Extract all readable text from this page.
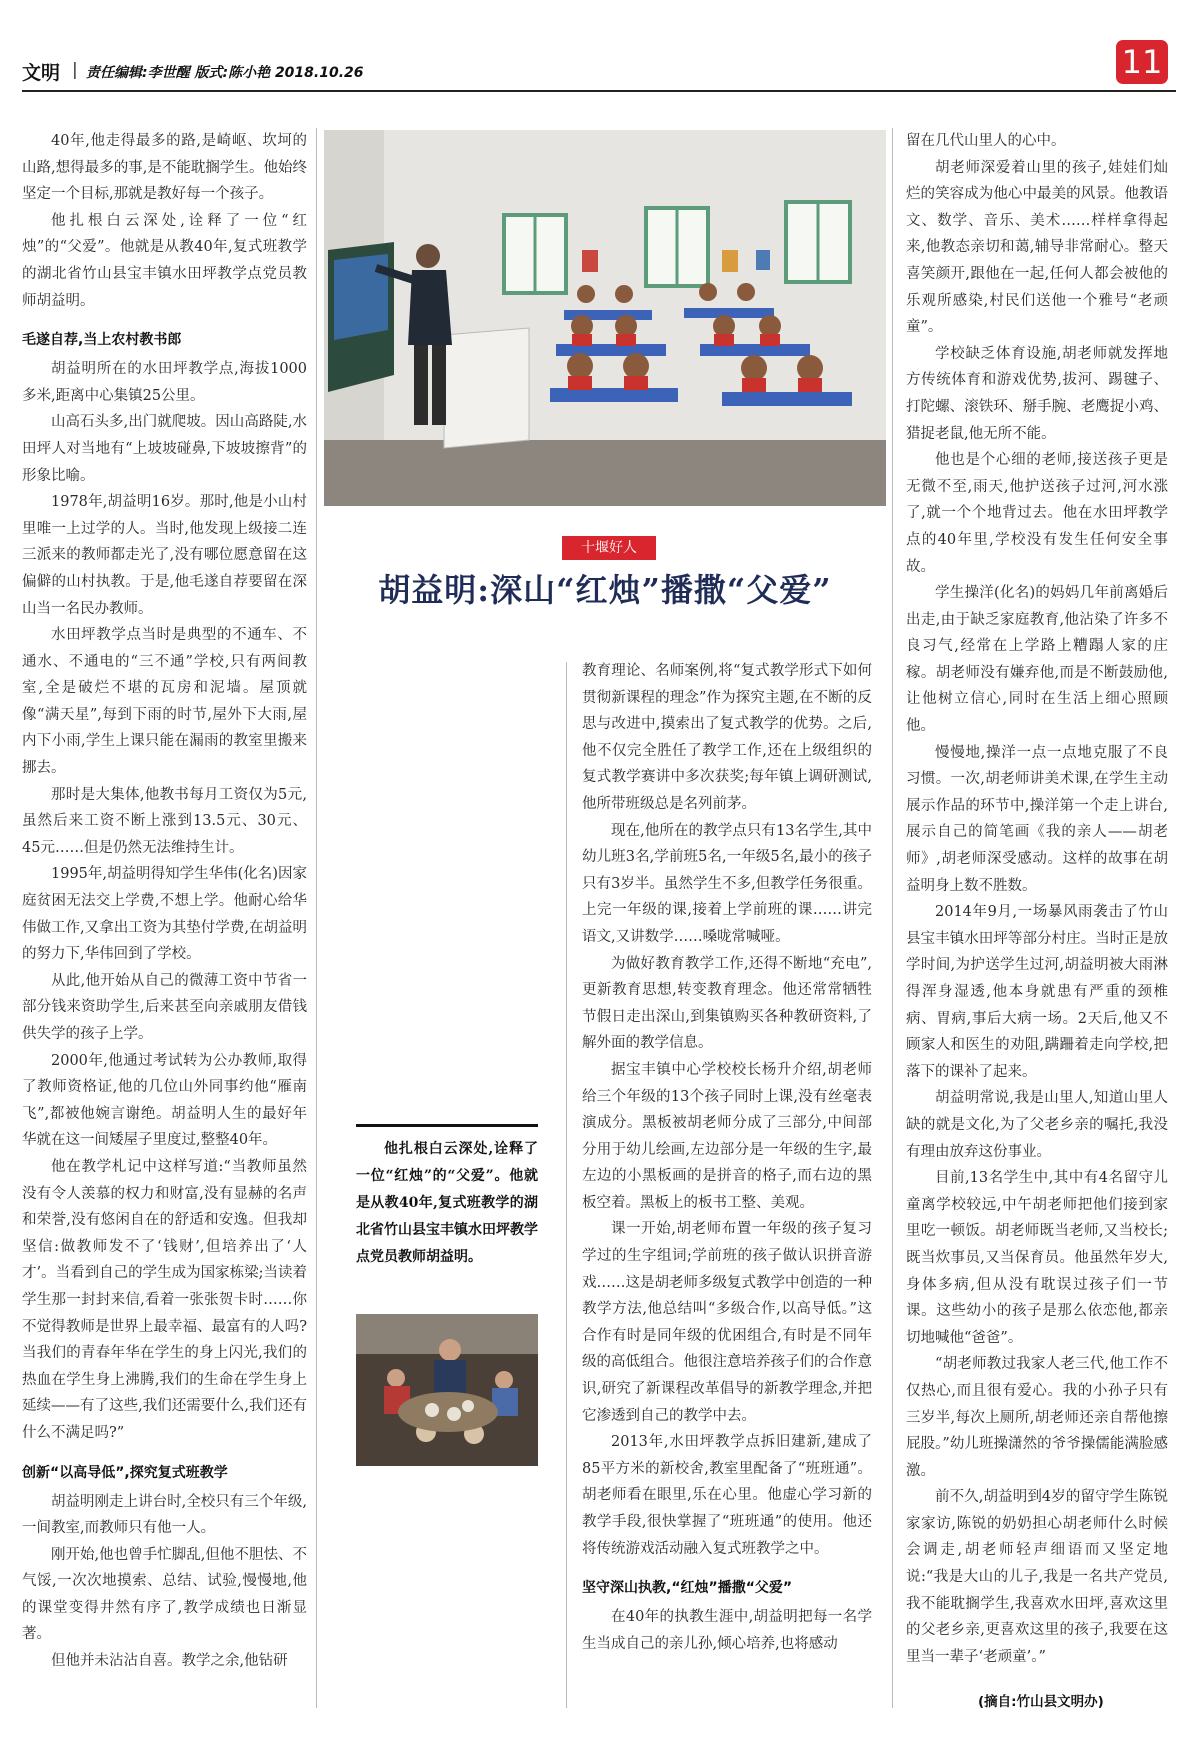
文明 | 责任编辑:李世醒 版式:陈小艳 2018.10.26	11

40年,他走得最多的路,是崎岖、坎坷的山路,想得最多的事,是不能耽搁学生。他始终坚定一个目标,那就是教好每一个孩子。

他扎根白云深处,诠释了一位“红烛”的“父爱”。他就是从教40年,复式班教学的湖北省竹山县宝丰镇水田坪教学点党员教师胡益明。

毛遂自荐,当上农村教书郎

胡益明所在的水田坪教学点,海拔1000多米,距离中心集镇25公里。

山高石头多,出门就爬坡。因山高路陡,水田坪人对当地有“上坡坡碰鼻,下坡坡擦背”的形象比喻。

1978年,胡益明16岁。那时,他是小山村里唯一上过学的人。当时,他发现上级接二连三派来的教师都走光了,没有哪位愿意留在这偏僻的山村执教。于是,他毛遂自荐要留在深山当一名民办教师。

水田坪教学点当时是典型的不通车、不通水、不通电的“三不通”学校,只有两间教室,全是破烂不堪的瓦房和泥墙。屋顶就像“满天星”,每到下雨的时节,屋外下大雨,屋内下小雨,学生上课只能在漏雨的教室里搬来挪去。

那时是大集体,他教书每月工资仅为5元,虽然后来工资不断上涨到13.5元、30元、45元……但是仍然无法维持生计。

1995年,胡益明得知学生华伟(化名)因家庭贫困无法交上学费,不想上学。他耐心给华伟做工作,又拿出工资为其垫付学费,在胡益明的努力下,华伟回到了学校。

从此,他开始从自己的微薄工资中节省一部分钱来资助学生,后来甚至向亲戚朋友借钱供失学的孩子上学。

2000年,他通过考试转为公办教师,取得了教师资格证,他的几位山外同事约他“雁南飞”,都被他婉言谢绝。胡益明人生的最好年华就在这一间矮屋子里度过,整整40年。

他在教学札记中这样写道:“当教师虽然没有令人羡慕的权力和财富,没有显赫的名声和荣誉,没有悠闲自在的舒适和安逸。但我却坚信:做教师发不了‘钱财’,但培养出了‘人才’。当看到自己的学生成为国家栋梁;当读着学生那一封封来信,看着一张张贺卡时……你不觉得教师是世界上最幸福、最富有的人吗?当我们的青春年华在学生的身上闪光,我们的热血在学生身上沸腾,我们的生命在学生身上延续——有了这些,我们还需要什么,我们还有什么不满足吗?”

创新“以高导低”,探究复式班教学

胡益明刚走上讲台时,全校只有三个年级,一间教室,而教师只有他一人。

刚开始,他也曾手忙脚乱,但他不胆怯、不气馁,一次次地摸索、总结、试验,慢慢地,他的课堂变得井然有序了,教学成绩也日渐显著。

但他并未沾沾自喜。教学之余,他钻研

十堰好人
胡益明:深山“红烛”播撒“父爱”
他扎根白云深处,诠释了一位“红烛”的“父爱”。他就是从教40年,复式班教学的湖北省竹山县宝丰镇水田坪教学点党员教师胡益明。

教育理论、名师案例,将“复式教学形式下如何贯彻新课程的理念”作为探究主题,在不断的反思与改进中,摸索出了复式教学的优势。之后,他不仅完全胜任了教学工作,还在上级组织的复式教学赛讲中多次获奖;每年镇上调研测试,他所带班级总是名列前茅。

现在,他所在的教学点只有13名学生,其中幼儿班3名,学前班5名,一年级5名,最小的孩子只有3岁半。虽然学生不多,但教学任务很重。上完一年级的课,接着上学前班的课……讲完语文,又讲数学……嗓咙常喊哑。

为做好教育教学工作,还得不断地“充电”,更新教育思想,转变教育理念。他还常常牺牲节假日走出深山,到集镇购买各种教研资料,了解外面的教学信息。

据宝丰镇中心学校校长杨升介绍,胡老师给三个年级的13个孩子同时上课,没有丝毫表演成分。黑板被胡老师分成了三部分,中间部分用于幼儿绘画,左边部分是一年级的生字,最左边的小黑板画的是拼音的格子,而右边的黑板空着。黑板上的板书工整、美观。

课一开始,胡老师布置一年级的孩子复习学过的生字组词;学前班的孩子做认识拼音游戏……这是胡老师多级复式教学中创造的一种教学方法,他总结叫“多级合作,以高导低。”这合作有时是同年级的优困组合,有时是不同年级的高低组合。他很注意培养孩子们的合作意识,研究了新课程改革倡导的新教学理念,并把它渗透到自己的教学中去。

2013年,水田坪教学点拆旧建新,建成了85平方米的新校舍,教室里配备了“班班通”。胡老师看在眼里,乐在心里。他虚心学习新的教学手段,很快掌握了“班班通”的使用。他还将传统游戏活动融入复式班教学之中。

坚守深山执教,“红烛”播撒“父爱”

在40年的执教生涯中,胡益明把每一名学生当成自己的亲儿孙,倾心培养,也将感动

留在几代山里人的心中。

胡老师深爱着山里的孩子,娃娃们灿烂的笑容成为他心中最美的风景。他教语文、数学、音乐、美术……样样拿得起来,他教态亲切和蔼,辅导非常耐心。整天喜笑颜开,跟他在一起,任何人都会被他的乐观所感染,村民们送他一个雅号“老顽童”。

学校缺乏体育设施,胡老师就发挥地方传统体育和游戏优势,拔河、踢毽子、打陀螺、滚铁环、掰手腕、老鹰捉小鸡、猎捉老鼠,他无所不能。

他也是个心细的老师,接送孩子更是无微不至,雨天,他护送孩子过河,河水涨了,就一个个地背过去。他在水田坪教学点的40年里,学校没有发生任何安全事故。

学生操洋(化名)的妈妈几年前离婚后出走,由于缺乏家庭教育,他沾染了许多不良习气,经常在上学路上糟蹋人家的庄稼。胡老师没有嫌弃他,而是不断鼓励他,让他树立信心,同时在生活上细心照顾他。

慢慢地,操洋一点一点地克服了不良习惯。一次,胡老师讲美术课,在学生主动展示作品的环节中,操洋第一个走上讲台,展示自己的简笔画《我的亲人——胡老师》,胡老师深受感动。这样的故事在胡益明身上数不胜数。

2014年9月,一场暴风雨袭击了竹山县宝丰镇水田坪等部分村庄。当时正是放学时间,为护送学生过河,胡益明被大雨淋得浑身湿透,他本身就患有严重的颈椎病、胃病,事后大病一场。2天后,他又不顾家人和医生的劝阻,蹒跚着走向学校,把落下的课补了起来。

胡益明常说,我是山里人,知道山里人缺的就是文化,为了父老乡亲的嘱托,我没有理由放弃这份事业。

目前,13名学生中,其中有4名留守儿童离学校较远,中午胡老师把他们接到家里吃一顿饭。胡老师既当老师,又当校长;既当炊事员,又当保育员。他虽然年岁大,身体多病,但从没有耽误过孩子们一节课。这些幼小的孩子是那么依恋他,都亲切地喊他“爸爸”。

“胡老师教过我家人老三代,他工作不仅热心,而且很有爱心。我的小孙子只有三岁半,每次上厕所,胡老师还亲自帮他擦屁股。”幼儿班操潇然的爷爷操儒能满脸感激。

前不久,胡益明到4岁的留守学生陈锐家家访,陈锐的奶奶担心胡老师什么时候会调走,胡老师轻声细语而又坚定地说:“我是大山的儿子,我是一名共产党员,我不能耽搁学生,我喜欢水田坪,喜欢这里的父老乡亲,更喜欢这里的孩子,我要在这里当一辈子‘老顽童’。”

(摘自:竹山县文明办)
